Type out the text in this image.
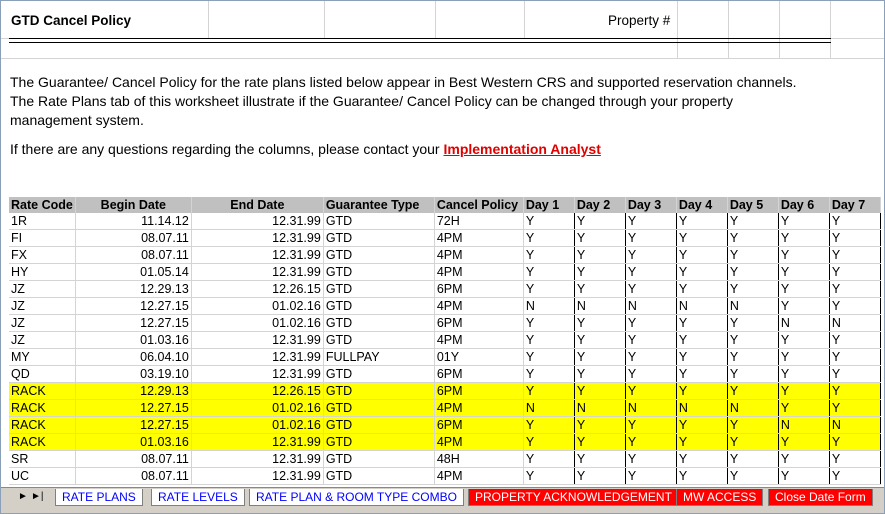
GTD Cancel Policy	Property #
The Guarantee/ Cancel Policy for the rate plans listed below appear in Best Western CRS and supported reservation channels. The Rate Plans tab of this worksheet illustrate if the Guarantee/ Cancel Policy can be changed through your property management system.
If there are any questions regarding the columns, please contact your Implementation Analyst
Rate Code	Begin Date	End Date	Guarantee Type	Cancel Policy	Day 1	Day 2	Day 3	Day 4	Day 5	Day 6	Day 7
1R	11.14.12	12.31.99	GTD	72H	Y	Y	Y	Y	Y	Y	Y
FI	08.07.11	12.31.99	GTD	4PM	Y	Y	Y	Y	Y	Y	Y
FX	08.07.11	12.31.99	GTD	4PM	Y	Y	Y	Y	Y	Y	Y
HY	01.05.14	12.31.99	GTD	4PM	Y	Y	Y	Y	Y	Y	Y
JZ	12.29.13	12.26.15	GTD	6PM	Y	Y	Y	Y	Y	Y	Y
JZ	12.27.15	01.02.16	GTD	4PM	N	N	N	N	N	Y	Y
JZ	12.27.15	01.02.16	GTD	6PM	Y	Y	Y	Y	Y	N	N
JZ	01.03.16	12.31.99	GTD	4PM	Y	Y	Y	Y	Y	Y	Y
MY	06.04.10	12.31.99	FULLPAY	01Y	Y	Y	Y	Y	Y	Y	Y
QD	03.19.10	12.31.99	GTD	6PM	Y	Y	Y	Y	Y	Y	Y
RACK	12.29.13	12.26.15	GTD	6PM	Y	Y	Y	Y	Y	Y	Y
RACK	12.27.15	01.02.16	GTD	4PM	N	N	N	N	N	Y	Y
RACK	12.27.15	01.02.16	GTD	6PM	Y	Y	Y	Y	Y	N	N
RACK	01.03.16	12.31.99	GTD	4PM	Y	Y	Y	Y	Y	Y	Y
SR	08.07.11	12.31.99	GTD	48H	Y	Y	Y	Y	Y	Y	Y
UC	08.07.11	12.31.99	GTD	4PM	Y	Y	Y	Y	Y	Y	Y
► ►|	RATE PLANS	RATE LEVELS	RATE PLAN & ROOM TYPE COMBO	PROPERTY ACKNOWLEDGEMENT MW ACCESS	Close Date Form
